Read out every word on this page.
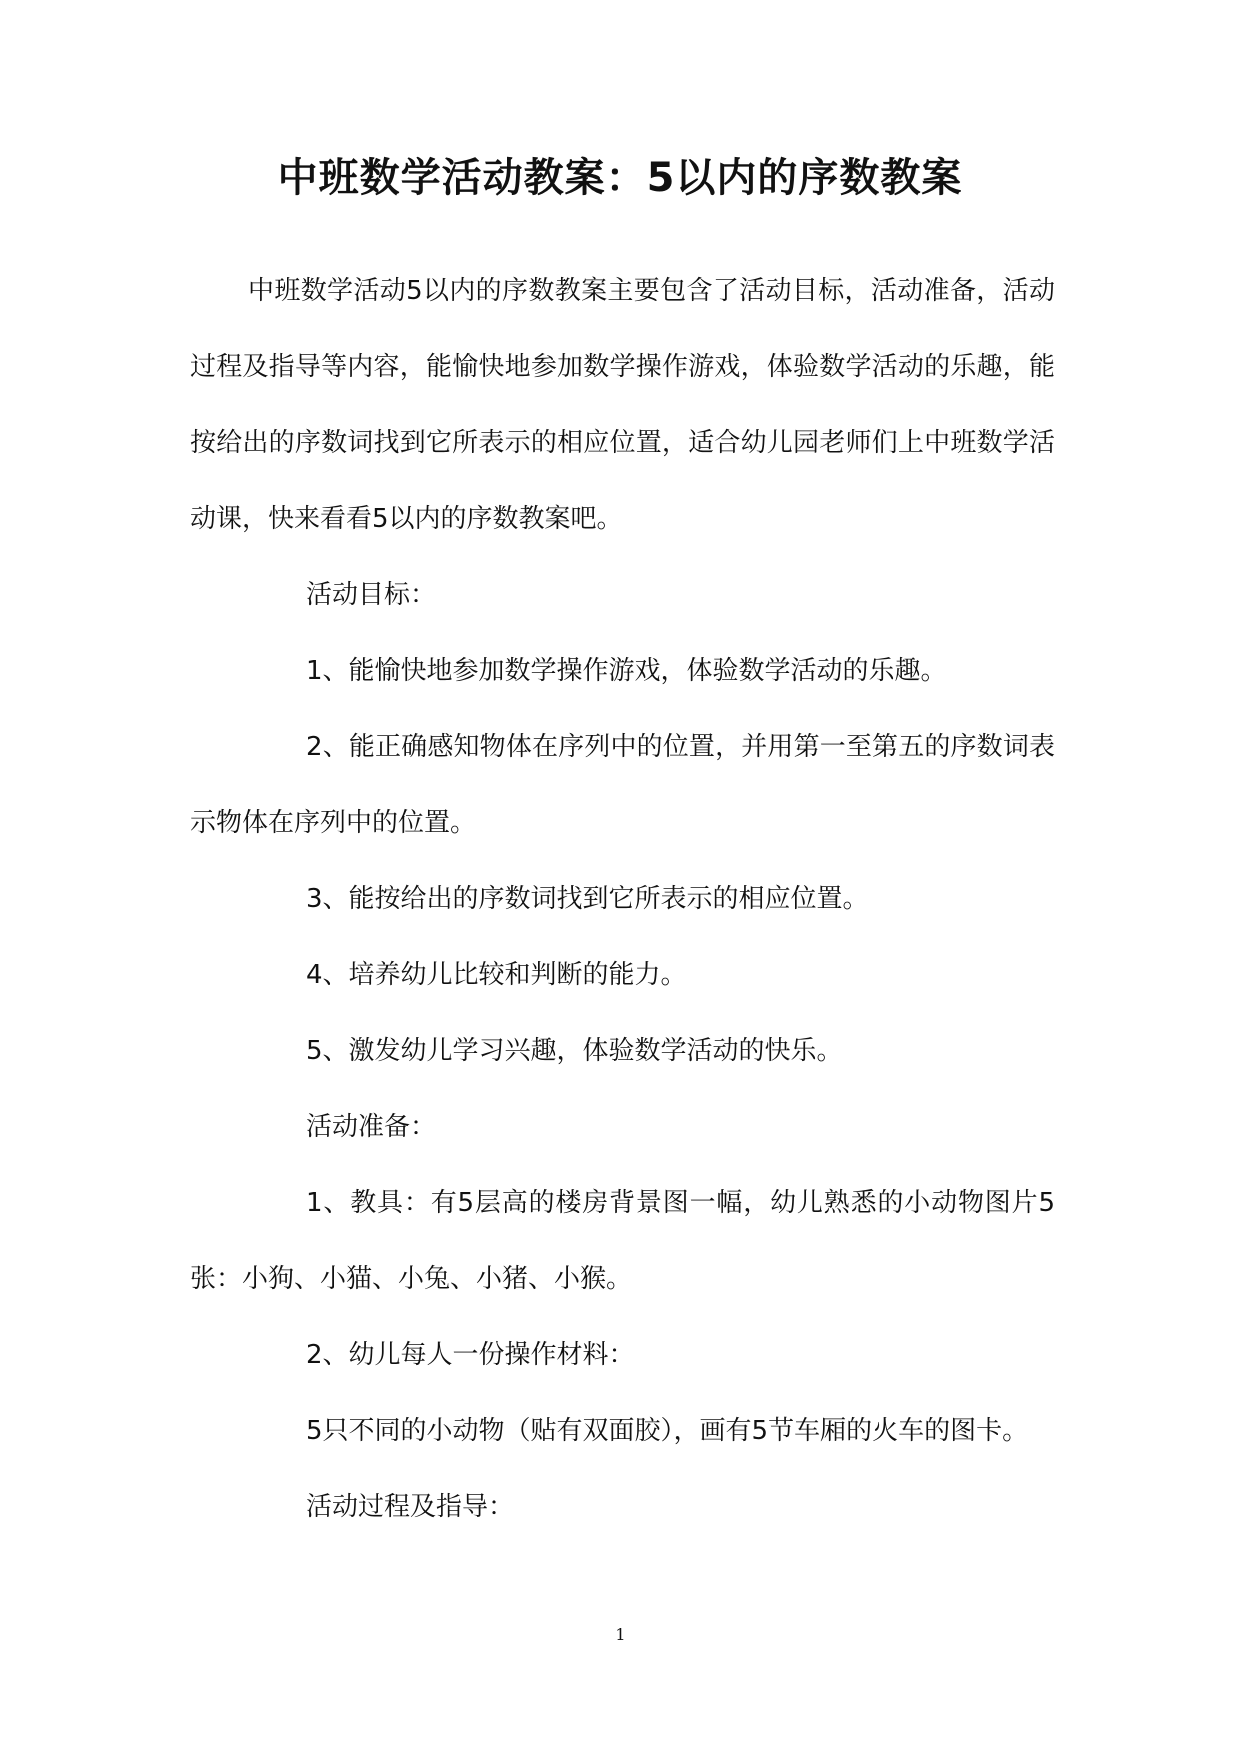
中班数学活动教案：5以内的序数教案

中班数学活动5以内的序数教案主要包含了活动目标，活动准备，活动过程及指导等内容，能愉快地参加数学操作游戏，体验数学活动的乐趣，能按给出的序数词找到它所表示的相应位置，适合幼儿园老师们上中班数学活动课，快来看看5以内的序数教案吧。

活动目标：

1、能愉快地参加数学操作游戏，体验数学活动的乐趣。

2、能正确感知物体在序列中的位置，并用第一至第五的序数词表示物体在序列中的位置。

3、能按给出的序数词找到它所表示的相应位置。

4、培养幼儿比较和判断的能力。

5、激发幼儿学习兴趣，体验数学活动的快乐。

活动准备：

1、教具：有5层高的楼房背景图一幅，幼儿熟悉的小动物图片5张：小狗、小猫、小兔、小猪、小猴。

2、幼儿每人一份操作材料：

5只不同的小动物（贴有双面胶），画有5节车厢的火车的图卡。

活动过程及指导：

1
